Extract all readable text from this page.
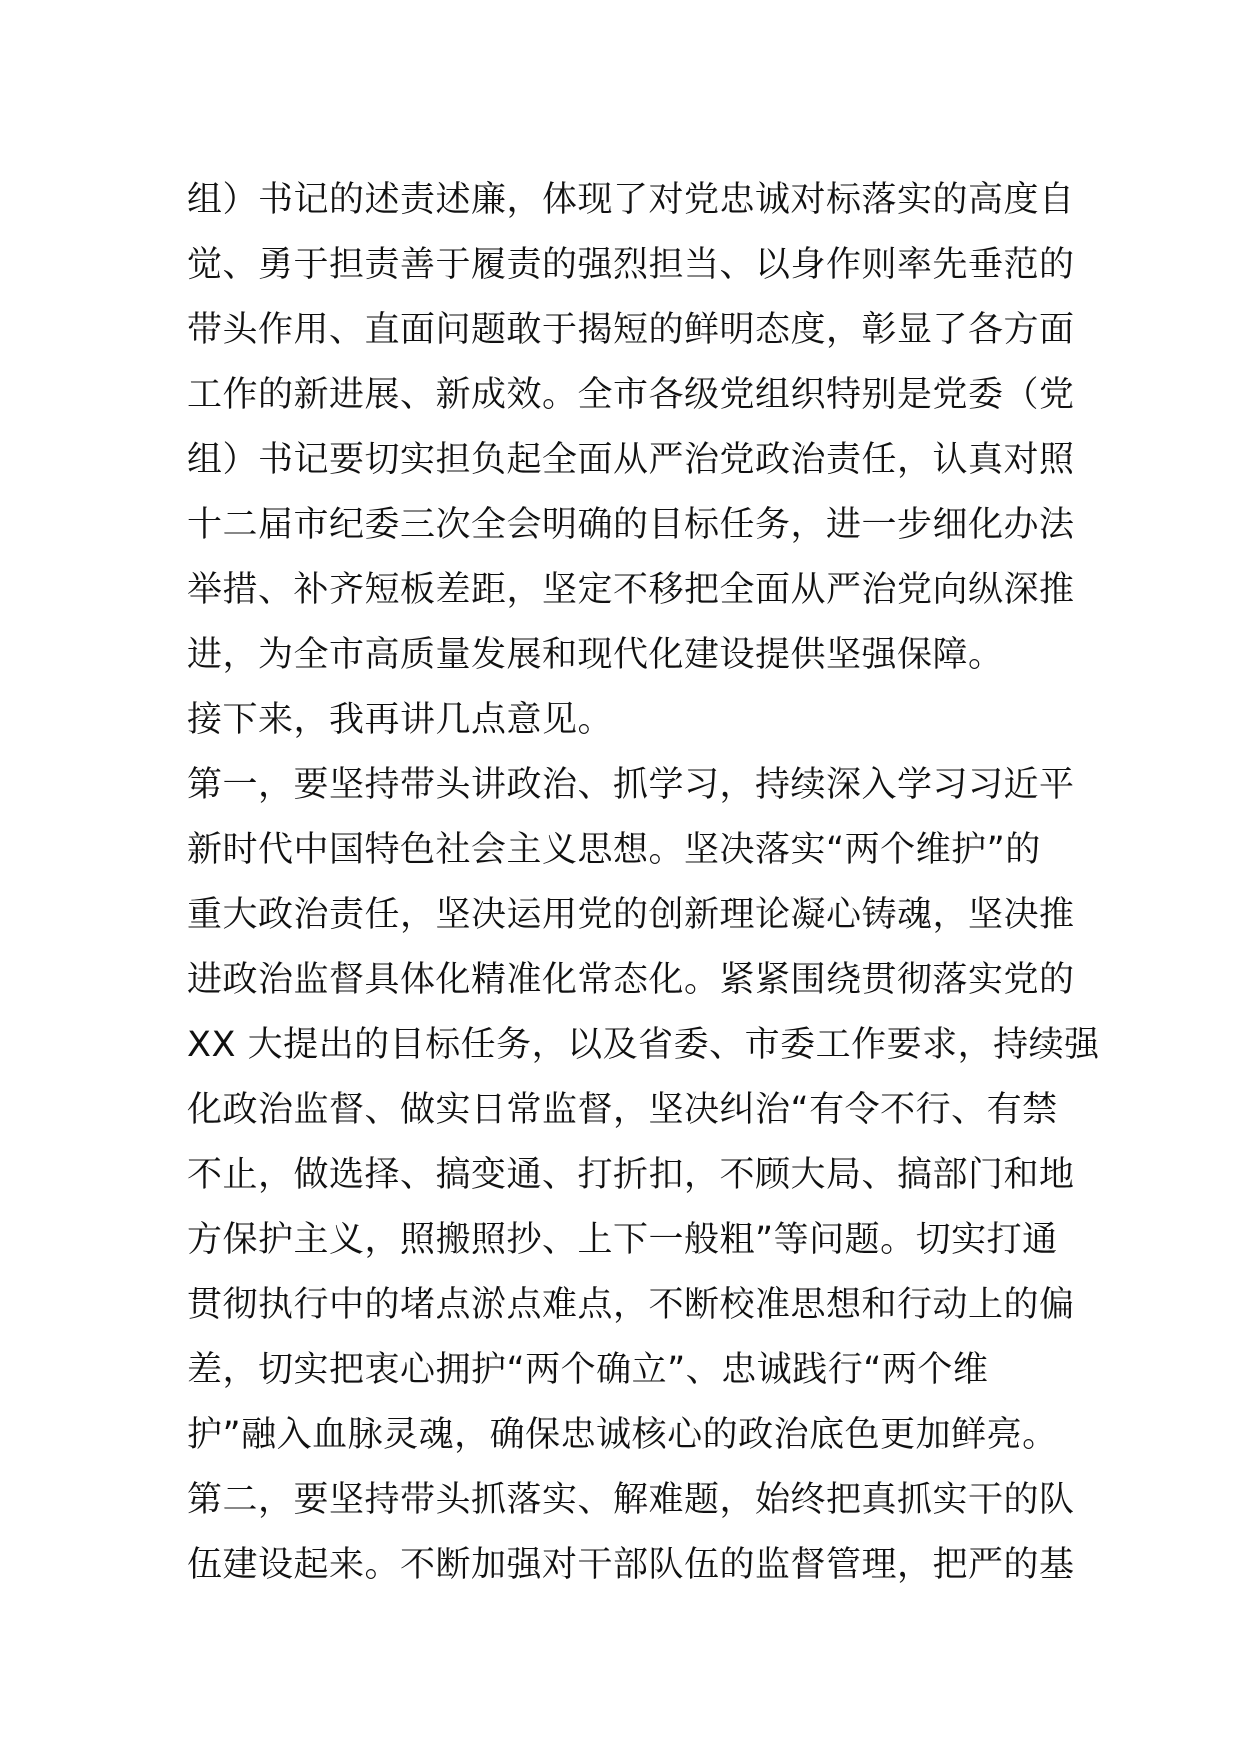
组）书记的述责述廉，体现了对党忠诚对标落实的高度自
觉、勇于担责善于履责的强烈担当、以身作则率先垂范的
带头作用、直面问题敢于揭短的鲜明态度，彰显了各方面
工作的新进展、新成效。全市各级党组织特别是党委（党
组）书记要切实担负起全面从严治党政治责任，认真对照
十二届市纪委三次全会明确的目标任务，进一步细化办法
举措、补齐短板差距，坚定不移把全面从严治党向纵深推
进，为全市高质量发展和现代化建设提供坚强保障。
接下来，我再讲几点意见。
第一，要坚持带头讲政治、抓学习，持续深入学习习近平
新时代中国特色社会主义思想。坚决落实“两个维护”的
重大政治责任，坚决运用党的创新理论凝心铸魂，坚决推
进政治监督具体化精准化常态化。紧紧围绕贯彻落实党的
XX 大提出的目标任务，以及省委、市委工作要求，持续强
化政治监督、做实日常监督，坚决纠治“有令不行、有禁
不止，做选择、搞变通、打折扣，不顾大局、搞部门和地
方保护主义，照搬照抄、上下一般粗”等问题。切实打通
贯彻执行中的堵点淤点难点，不断校准思想和行动上的偏
差，切实把衷心拥护“两个确立”、忠诚践行“两个维
护”融入血脉灵魂，确保忠诚核心的政治底色更加鲜亮。
第二，要坚持带头抓落实、解难题，始终把真抓实干的队
伍建设起来。不断加强对干部队伍的监督管理，把严的基
